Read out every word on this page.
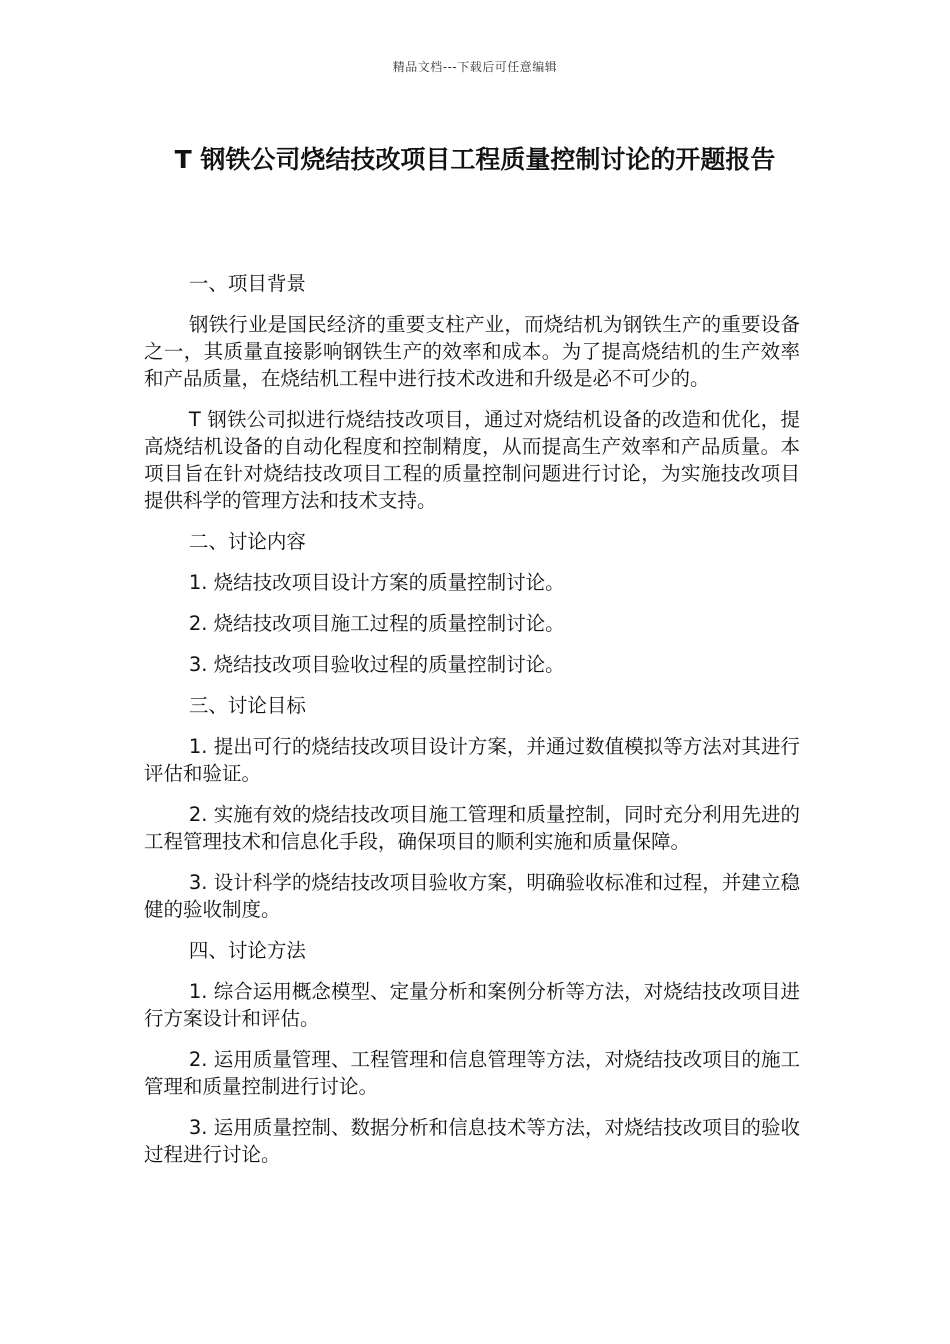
精品文档---下载后可任意编辑
T 钢铁公司烧结技改项目工程质量控制讨论的开题报告

一、项目背景

钢铁行业是国民经济的重要支柱产业，而烧结机为钢铁生产的重要设备之一，其质量直接影响钢铁生产的效率和成本。为了提高烧结机的生产效率和产品质量，在烧结机工程中进行技术改进和升级是必不可少的。

T 钢铁公司拟进行烧结技改项目，通过对烧结机设备的改造和优化，提高烧结机设备的自动化程度和控制精度，从而提高生产效率和产品质量。本项目旨在针对烧结技改项目工程的质量控制问题进行讨论，为实施技改项目提供科学的管理方法和技术支持。

二、讨论内容

1. 烧结技改项目设计方案的质量控制讨论。

2. 烧结技改项目施工过程的质量控制讨论。

3. 烧结技改项目验收过程的质量控制讨论。

三、讨论目标

1. 提出可行的烧结技改项目设计方案，并通过数值模拟等方法对其进行评估和验证。

2. 实施有效的烧结技改项目施工管理和质量控制，同时充分利用先进的工程管理技术和信息化手段，确保项目的顺利实施和质量保障。

3. 设计科学的烧结技改项目验收方案，明确验收标准和过程，并建立稳健的验收制度。

四、讨论方法

1. 综合运用概念模型、定量分析和案例分析等方法，对烧结技改项目进行方案设计和评估。

2. 运用质量管理、工程管理和信息管理等方法，对烧结技改项目的施工管理和质量控制进行讨论。

3. 运用质量控制、数据分析和信息技术等方法，对烧结技改项目的验收过程进行讨论。
